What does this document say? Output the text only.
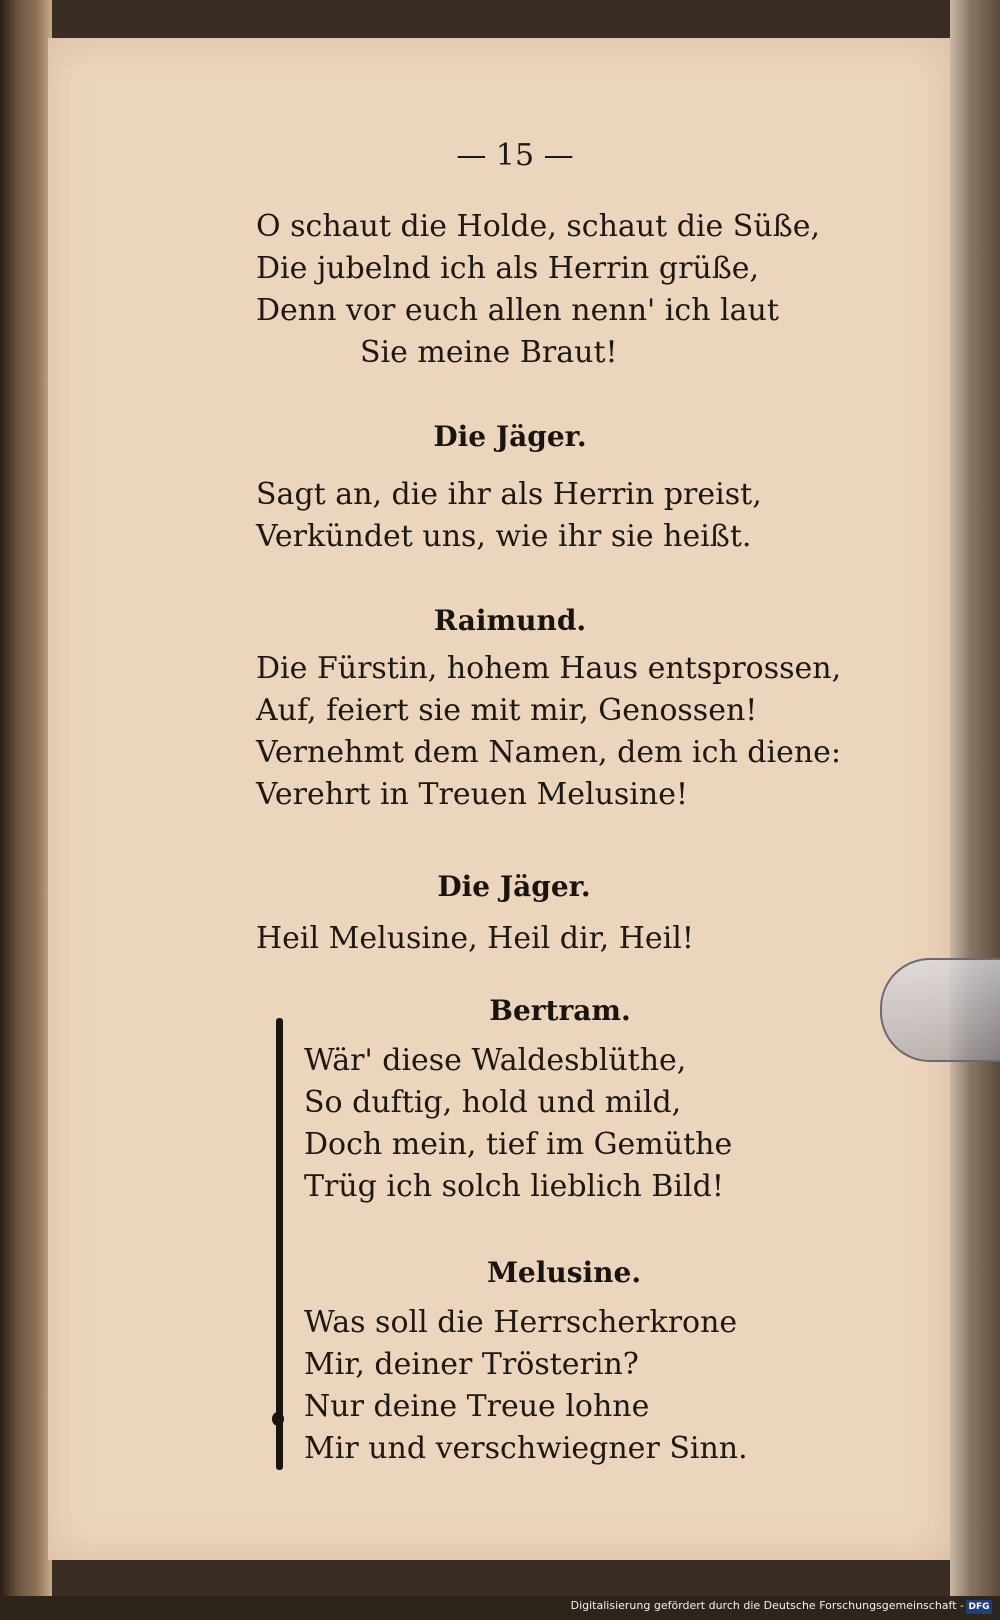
— 15 —
O schaut die Holde, schaut die Süße,
Die jubelnd ich als Herrin grüße,
Denn vor euch allen nenn' ich laut
Sie meine Braut!
Die Jäger.
Sagt an, die ihr als Herrin preist,
Verkündet uns, wie ihr sie heißt.
Raimund.
Die Fürstin, hohem Haus entsprossen,
Auf, feiert sie mit mir, Genossen!
Vernehmt dem Namen, dem ich diene:
Verehrt in Treuen Melusine!
Die Jäger.
Heil Melusine, Heil dir, Heil!
Bertram.
Wär' diese Waldesblüthe,
So duftig, hold und mild,
Doch mein, tief im Gemüthe
Trüg ich solch lieblich Bild!
Melusine.
Was soll die Herrscherkrone
Mir, deiner Trösterin?
Nur deine Treue lohne
Mir und verschwiegner Sinn.
Digitalisierung gefördert durch die Deutsche Forschungsgemeinschaft - DFG
